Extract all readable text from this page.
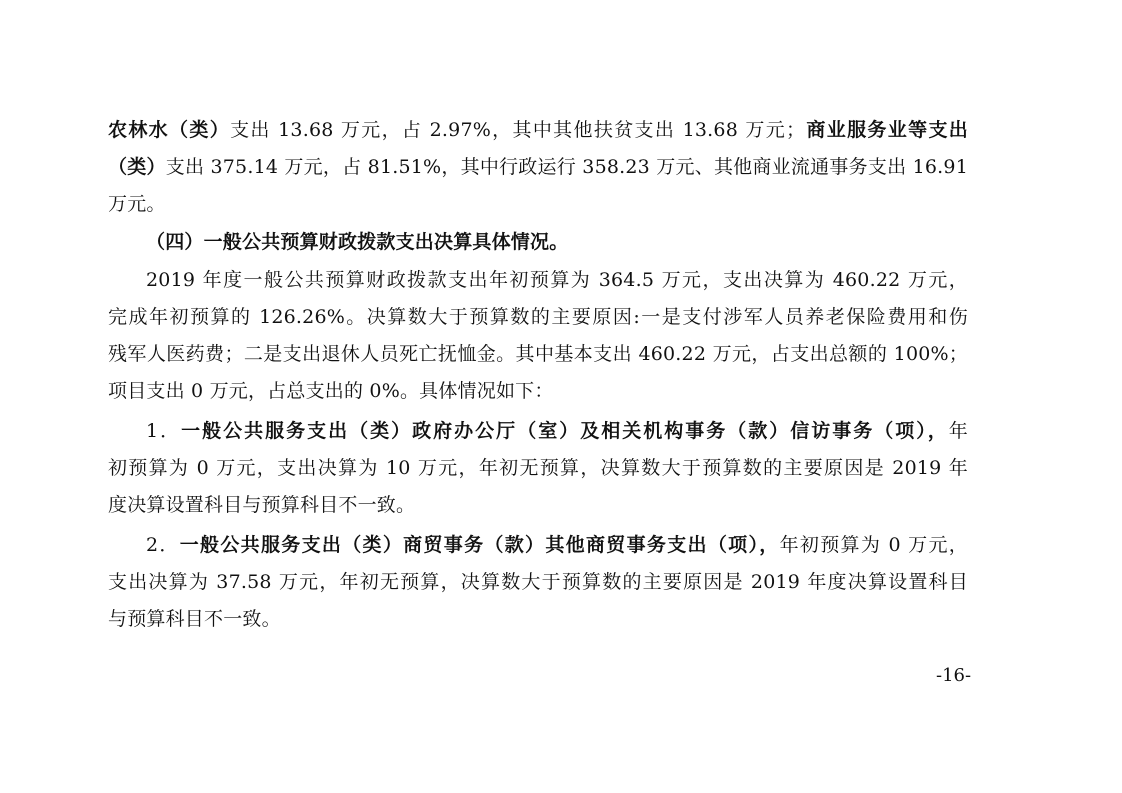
农林水（类）支出 13.68 万元，占 2.97%，其中其他扶贫支出 13.68 万元；商业服务业等支出
（类）支出 375.14 万元，占 81.51%，其中行政运行 358.23 万元、其他商业流通事务支出 16.91
万元。
（四）一般公共预算财政拨款支出决算具体情况。
2019 年度一般公共预算财政拨款支出年初预算为 364.5 万元，支出决算为 460.22 万元，
完成年初预算的 126.26%。决算数大于预算数的主要原因:一是支付涉军人员养老保险费用和伤
残军人医药费；二是支出退休人员死亡抚恤金。其中基本支出 460.22 万元，占支出总额的 100%；
项目支出 0 万元，占总支出的 0%。具体情况如下：
1．一般公共服务支出（类）政府办公厅（室）及相关机构事务（款）信访事务（项），年
初预算为 0 万元，支出决算为 10 万元，年初无预算，决算数大于预算数的主要原因是 2019 年
度决算设置科目与预算科目不一致。
2．一般公共服务支出（类）商贸事务（款）其他商贸事务支出（项），年初预算为 0 万元，
支出决算为 37.58 万元，年初无预算，决算数大于预算数的主要原因是 2019 年度决算设置科目
与预算科目不一致。
-16-
